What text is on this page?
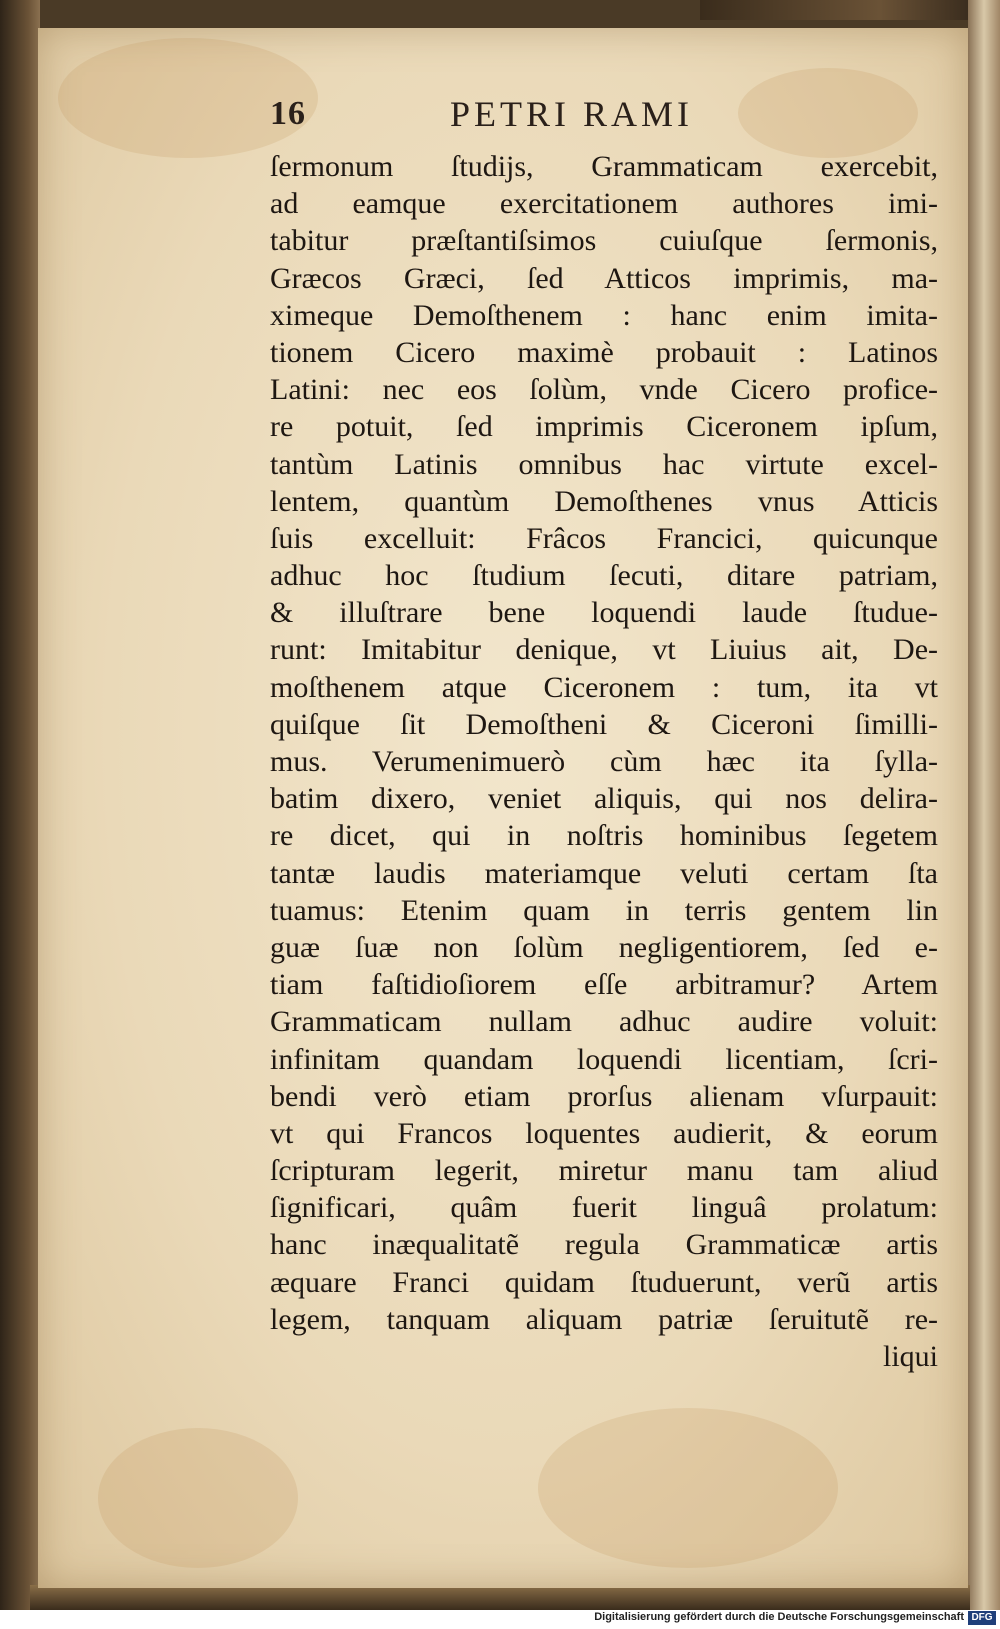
16	PETRI RAMI
ſermonum ſtudijs, Grammaticam exercebit,
ad eamque exercitationem authores imi-
tabitur præſtantiſsimos cuiuſque ſermonis,
Græcos Græci, ſed Atticos imprimis, ma-
ximeque Demoſthenem : hanc enim imita-
tionem Cicero maximè probauit : Latinos
Latini: nec eos ſolùm, vnde Cicero profice-
re potuit, ſed imprimis Ciceronem ipſum,
tantùm Latinis omnibus hac virtute excel-
lentem, quantùm Demoſthenes vnus Atticis
ſuis excelluit: Frâcos Francici, quicunque
adhuc hoc ſtudium ſecuti, ditare patriam,
& illuſtrare bene loquendi laude ſtudue-
runt: Imitabitur denique, vt Liuius ait, De-
moſthenem atque Ciceronem : tum, ita vt
quiſque ſit Demoſtheni & Ciceroni ſimilli-
mus. Verumenimuerò cùm hæc ita ſylla-
batim dixero, veniet aliquis, qui nos delira-
re dicet, qui in noſtris hominibus ſegetem
tantæ laudis materiamque veluti certam ſta
tuamus: Etenim quam in terris gentem lin
guæ ſuæ non ſolùm negligentiorem, ſed e-
tiam faſtidioſiorem eſſe arbitramur? Artem
Grammaticam nullam adhuc audire voluit:
infinitam quandam loquendi licentiam, ſcri-
bendi verò etiam prorſus alienam vſurpauit:
vt qui Francos loquentes audierit, & eorum
ſcripturam legerit, miretur manu tam aliud
ſignificari, quâm fuerit linguâ prolatum:
hanc inæqualitatẽ regula Grammaticæ artis
æquare Franci quidam ſtuduerunt, verũ artis
legem, tanquam aliquam patriæ ſeruitutẽ re-
liqui
Digitalisierung gefördert durch die Deutsche Forschungsgemeinschaft DFG
